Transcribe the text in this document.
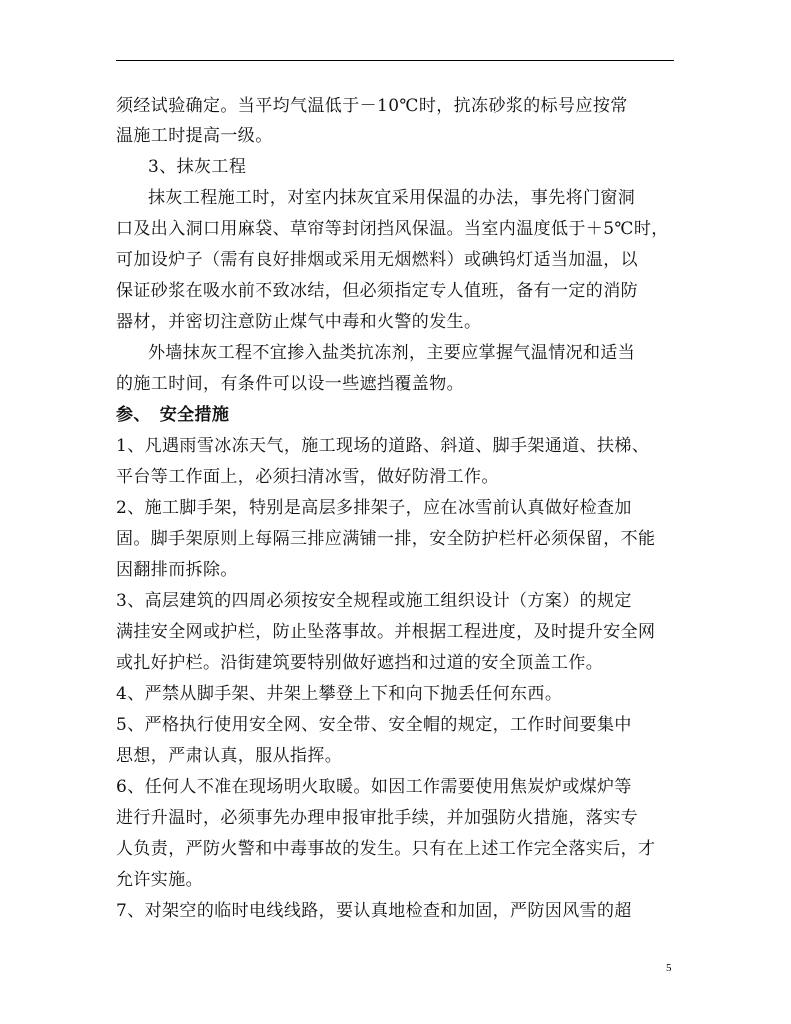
须经试验确定。当平均气温低于－10℃时，抗冻砂浆的标号应按常
温施工时提高一级。
3、抹灰工程
抹灰工程施工时，对室内抹灰宜采用保温的办法，事先将门窗洞
口及出入洞口用麻袋、草帘等封闭挡风保温。当室内温度低于＋5℃时，
可加设炉子（需有良好排烟或采用无烟燃料）或碘钨灯适当加温，以
保证砂浆在吸水前不致冰结，但必须指定专人值班，备有一定的消防
器材，并密切注意防止煤气中毒和火警的发生。
外墙抹灰工程不宜掺入盐类抗冻剂，主要应掌握气温情况和适当
的施工时间，有条件可以设一些遮挡覆盖物。
参、　安全措施
1、凡遇雨雪冰冻天气，施工现场的道路、斜道、脚手架通道、扶梯、
平台等工作面上，必须扫清冰雪，做好防滑工作。
2、施工脚手架，特别是高层多排架子，应在冰雪前认真做好检查加
固。脚手架原则上每隔三排应满铺一排，安全防护栏杆必须保留，不能
因翻排而拆除。
3、高层建筑的四周必须按安全规程或施工组织设计（方案）的规定
满挂安全网或护栏，防止坠落事故。并根据工程进度，及时提升安全网
或扎好护栏。沿街建筑要特别做好遮挡和过道的安全顶盖工作。
4、严禁从脚手架、井架上攀登上下和向下抛丢任何东西。
5、严格执行使用安全网、安全带、安全帽的规定，工作时间要集中
思想，严肃认真，服从指挥。
6、任何人不准在现场明火取暖。如因工作需要使用焦炭炉或煤炉等
进行升温时，必须事先办理申报审批手续，并加强防火措施，落实专
人负责，严防火警和中毒事故的发生。只有在上述工作完全落实后，才
允许实施。
7、对架空的临时电线线路，要认真地检查和加固，严防因风雪的超
5
